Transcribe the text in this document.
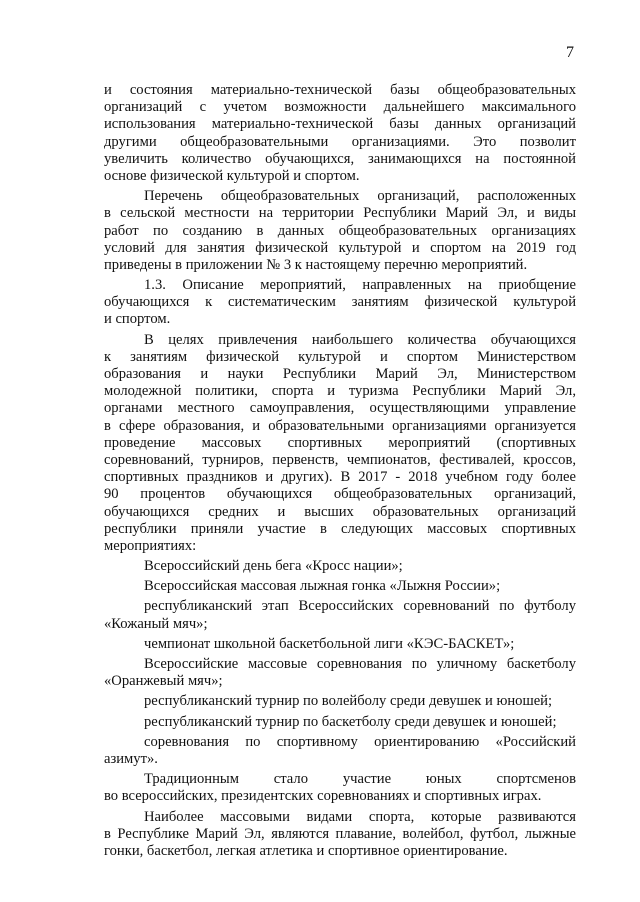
7
и состояния материально-технической базы общеобразовательных
организаций с учетом возможности дальнейшего максимального
использования материально-технической базы данных организаций
другими общеобразовательными организациями. Это позволит
увеличить количество обучающихся, занимающихся на постоянной
основе физической культурой и спортом.
Перечень общеобразовательных организаций, расположенных
в сельской местности на территории Республики Марий Эл, и виды
работ по созданию в данных общеобразовательных организациях
условий для занятия физической культурой и спортом на 2019 год
приведены в приложении № 3 к настоящему перечню мероприятий.
1.3. Описание мероприятий, направленных на приобщение
обучающихся к систематическим занятиям физической культурой
и спортом.
В целях привлечения наибольшего количества обучающихся
к занятиям физической культурой и спортом Министерством
образования и науки Республики Марий Эл, Министерством
молодежной политики, спорта и туризма Республики Марий Эл,
органами местного самоуправления, осуществляющими управление
в сфере образования, и образовательными организациями организуется
проведение массовых спортивных мероприятий (спортивных
соревнований, турниров, первенств, чемпионатов, фестивалей, кроссов,
спортивных праздников и других). В 2017 - 2018 учебном году более
90 процентов обучающихся общеобразовательных организаций,
обучающихся средних и высших образовательных организаций
республики приняли участие в следующих массовых спортивных
мероприятиях:
Всероссийский день бега «Кросс нации»;
Всероссийская массовая лыжная гонка «Лыжня России»;
республиканский этап Всероссийских соревнований по футболу
«Кожаный мяч»;
чемпионат школьной баскетбольной лиги «КЭС-БАСКЕТ»;
Всероссийские массовые соревнования по уличному баскетболу
«Оранжевый мяч»;
республиканский турнир по волейболу среди девушек и юношей;
республиканский турнир по баскетболу среди девушек и юношей;
соревнования по спортивному ориентированию «Российский
азимут».
Традиционным стало участие юных спортсменов
во всероссийских, президентских соревнованиях и спортивных играх.
Наиболее массовыми видами спорта, которые развиваются
в Республике Марий Эл, являются плавание, волейбол, футбол, лыжные
гонки, баскетбол, легкая атлетика и спортивное ориентирование.
